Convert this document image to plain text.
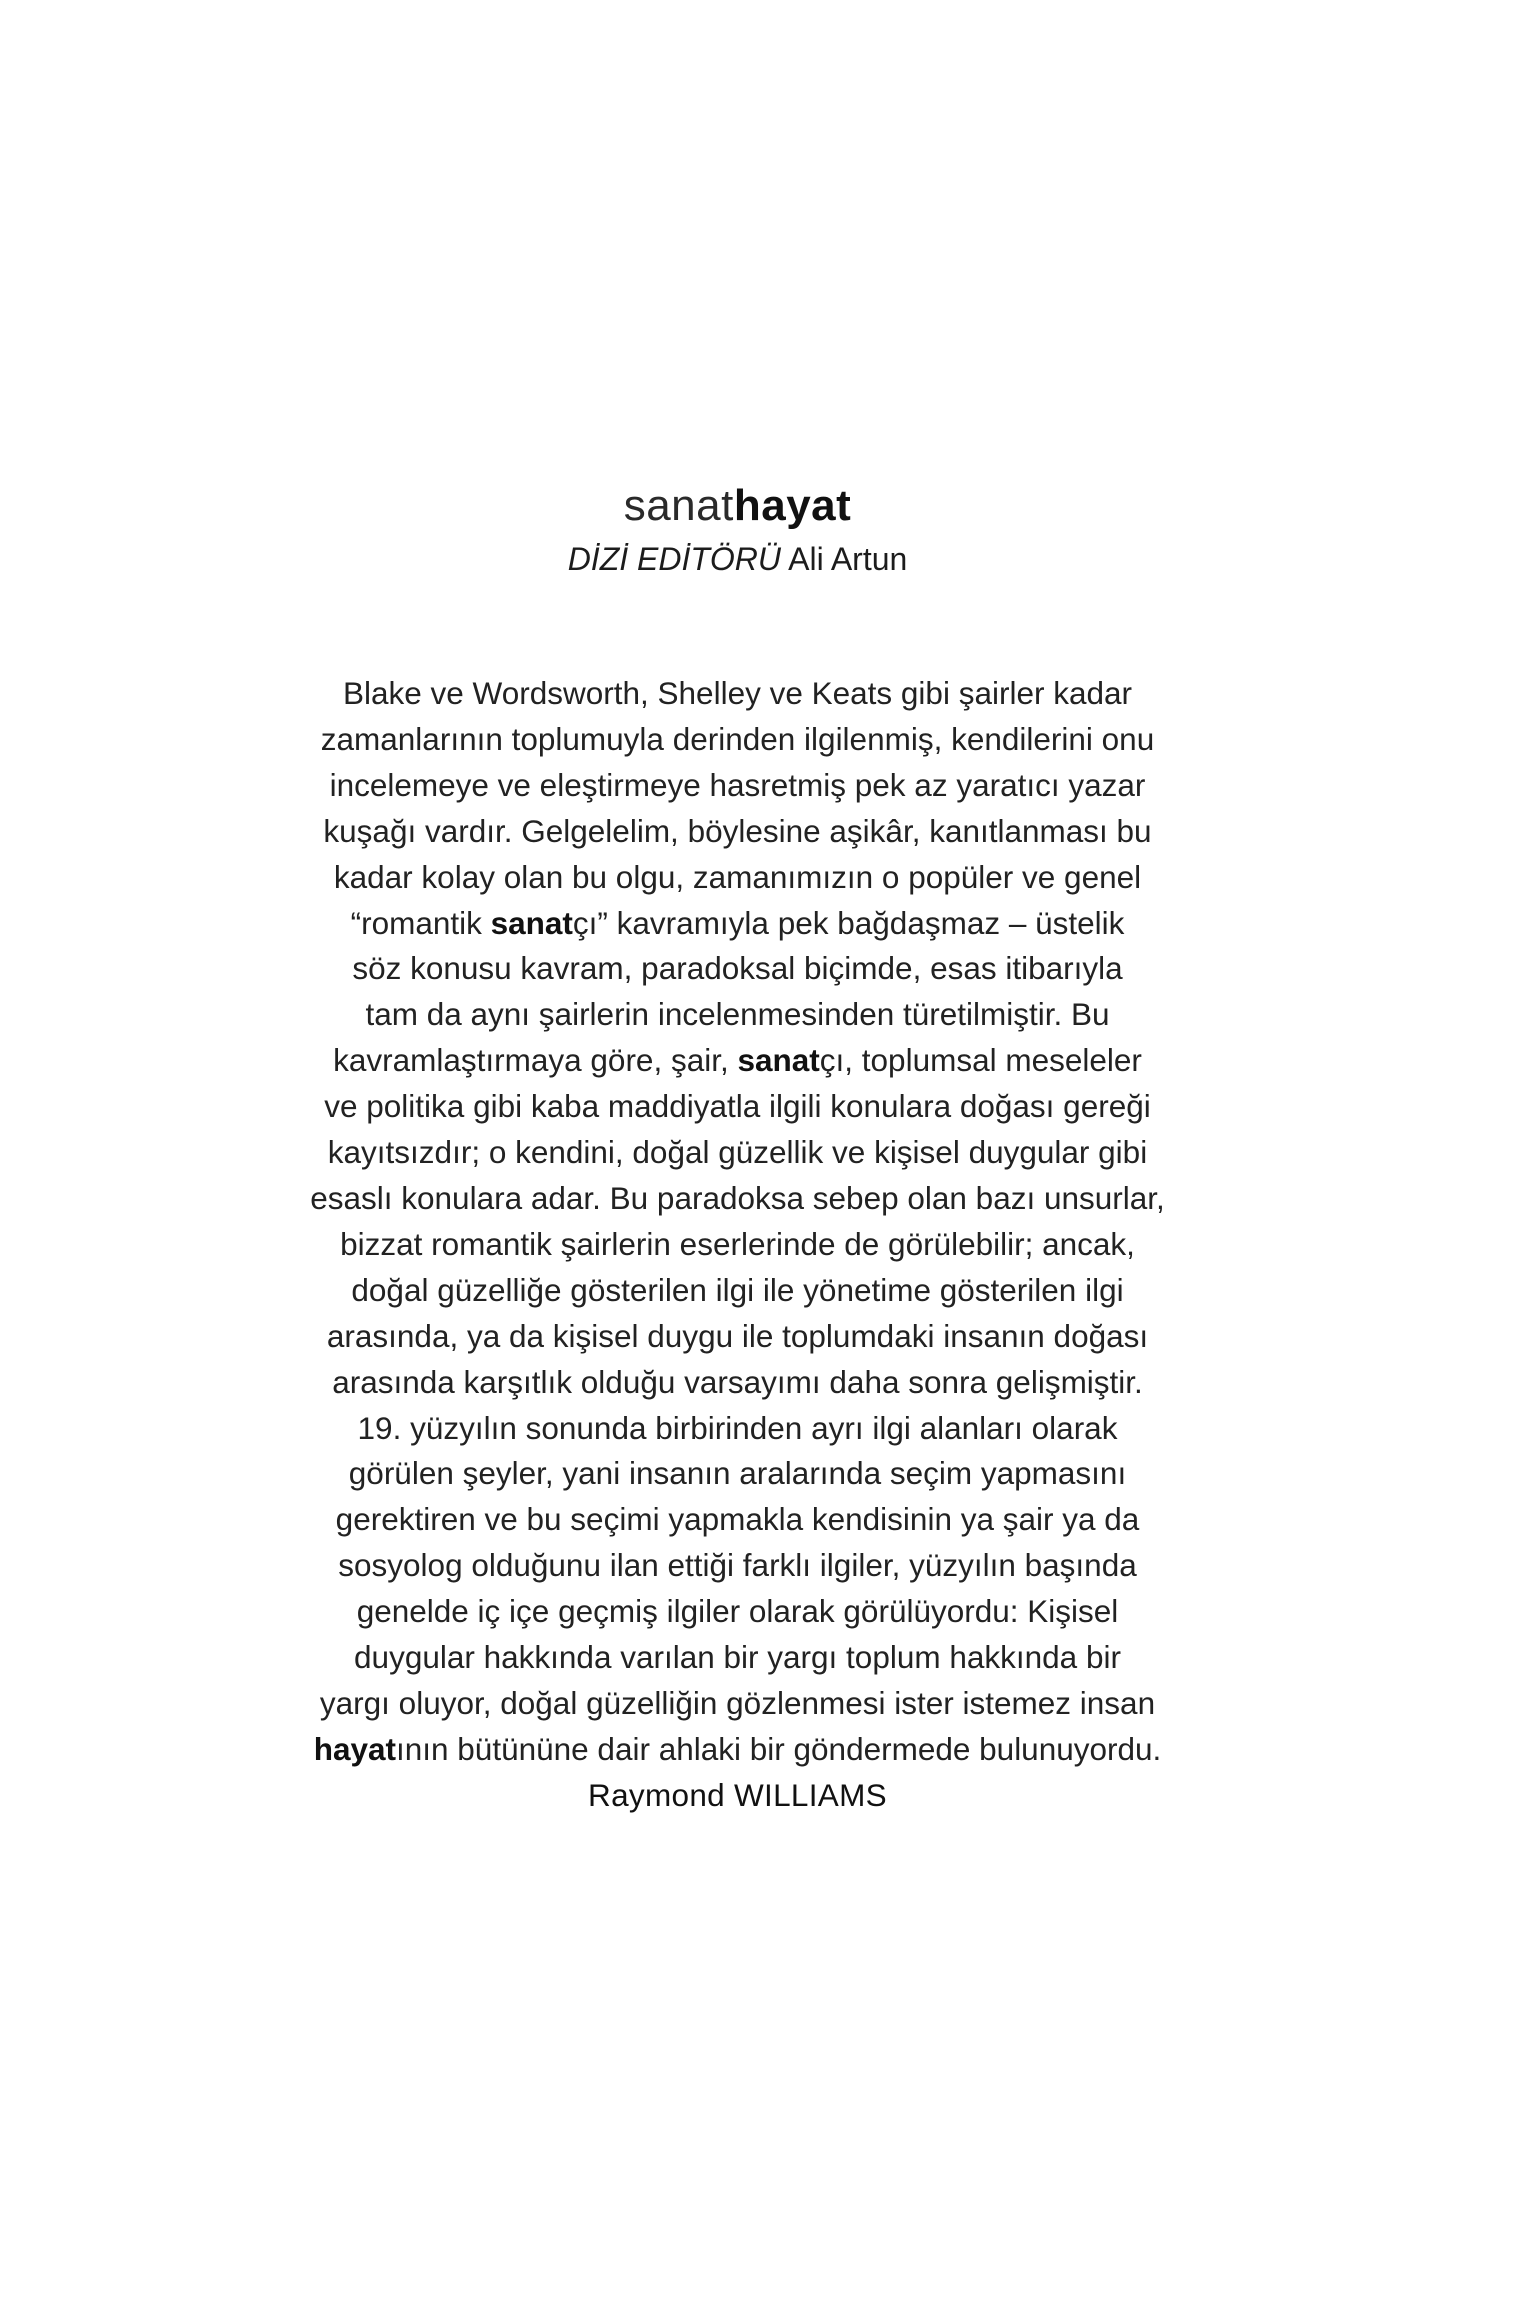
sanathayat
DİZİ EDİTÖRÜ Ali Artun
Blake ve Wordsworth, Shelley ve Keats gibi şairler kadar
zamanlarının toplumuyla derinden ilgilenmiş, kendilerini onu
incelemeye ve eleştirmeye hasretmiş pek az yaratıcı yazar
kuşağı vardır. Gelgelelim, böylesine aşikâr, kanıtlanması bu
kadar kolay olan bu olgu, zamanımızın o popüler ve genel
“romantik sanatçı” kavramıyla pek bağdaşmaz – üstelik
söz konusu kavram, paradoksal biçimde, esas itibarıyla
tam da aynı şairlerin incelenmesinden türetilmiştir. Bu
kavramlaştırmaya göre, şair, sanatçı, toplumsal meseleler
ve politika gibi kaba maddiyatla ilgili konulara doğası gereği
kayıtsızdır; o kendini, doğal güzellik ve kişisel duygular gibi
esaslı konulara adar. Bu paradoksa sebep olan bazı unsurlar,
bizzat romantik şairlerin eserlerinde de görülebilir; ancak,
doğal güzelliğe gösterilen ilgi ile yönetime gösterilen ilgi
arasında, ya da kişisel duygu ile toplumdaki insanın doğası
arasında karşıtlık olduğu varsayımı daha sonra gelişmiştir.
19. yüzyılın sonunda birbirinden ayrı ilgi alanları olarak
görülen şeyler, yani insanın aralarında seçim yapmasını
gerektiren ve bu seçimi yapmakla kendisinin ya şair ya da
sosyolog olduğunu ilan ettiği farklı ilgiler, yüzyılın başında
genelde iç içe geçmiş ilgiler olarak görülüyordu: Kişisel
duygular hakkında varılan bir yargı toplum hakkında bir
yargı oluyor, doğal güzelliğin gözlenmesi ister istemez insan
hayatının bütününe dair ahlaki bir göndermede bulunuyordu.
Raymond WILLIAMS
